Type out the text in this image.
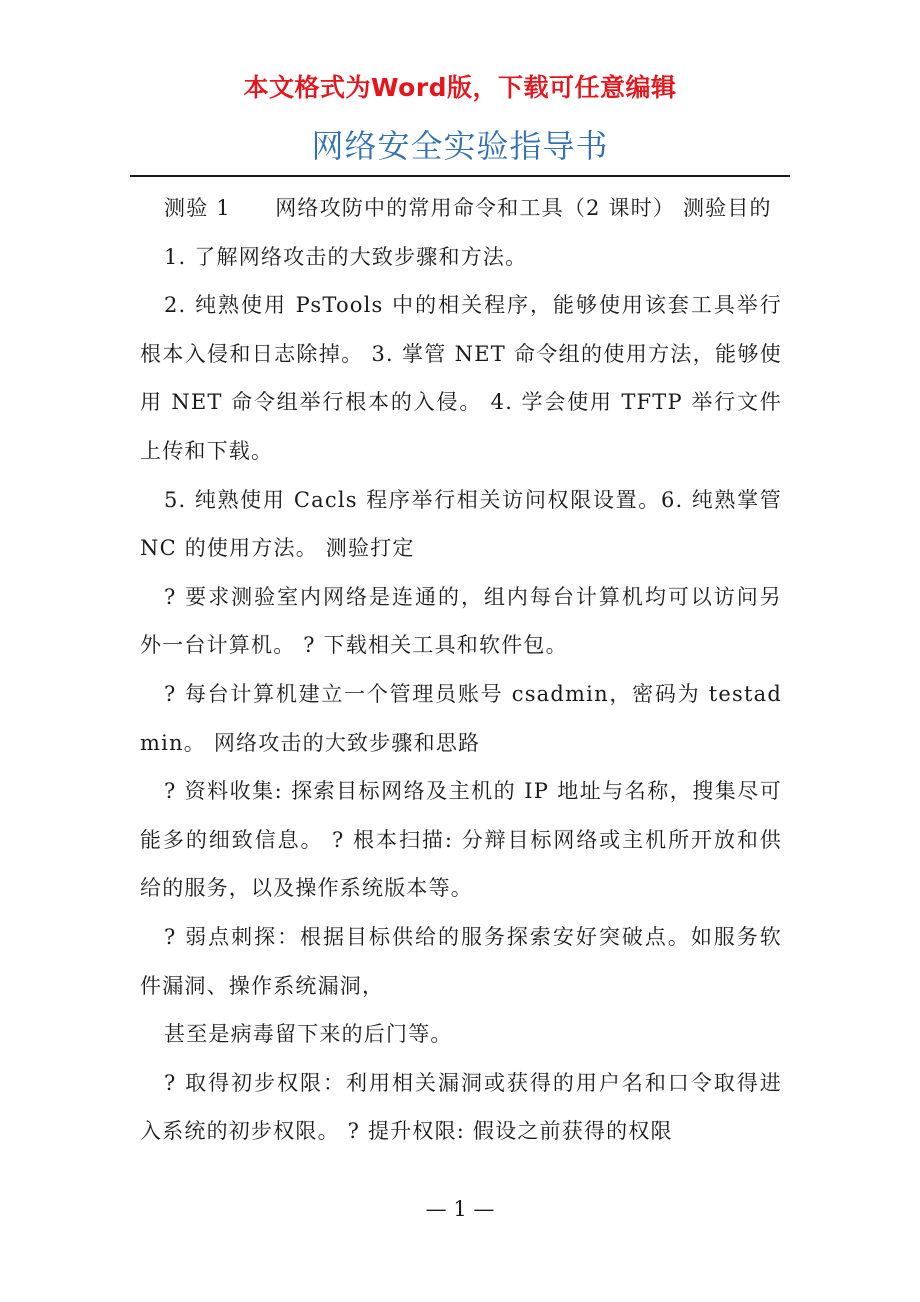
本文格式为Word版，下载可任意编辑
网络安全实验指导书

测验 1　　网络攻防中的常用命令和工具（2 课时） 测验目的

1. 了解网络攻击的大致步骤和方法。

2. 纯熟使用 PsTools 中的相关程序，能够使用该套工具举行根本入侵和日志除掉。 3. 掌管 NET 命令组的使用方法，能够使用 NET 命令组举行根本的入侵。 4. 学会使用 TFTP 举行文件上传和下载。

5. 纯熟使用 Cacls 程序举行相关访问权限设置。6. 纯熟掌管 NC 的使用方法。 测验打定

? 要求测验室内网络是连通的，组内每台计算机均可以访问另外一台计算机。 ? 下载相关工具和软件包。

? 每台计算机建立一个管理员账号 csadmin，密码为 testadmin。 网络攻击的大致步骤和思路

? 资料收集: 探索目标网络及主机的 IP 地址与名称，搜集尽可能多的细致信息。 ? 根本扫描: 分辩目标网络或主机所开放和供给的服务，以及操作系统版本等。

? 弱点刺探：根据目标供给的服务探索安好突破点。如服务软件漏洞、操作系统漏洞，

甚至是病毒留下来的后门等。

? 取得初步权限：利用相关漏洞或获得的用户名和口令取得进入系统的初步权限。 ? 提升权限: 假设之前获得的权限

— 1 —
